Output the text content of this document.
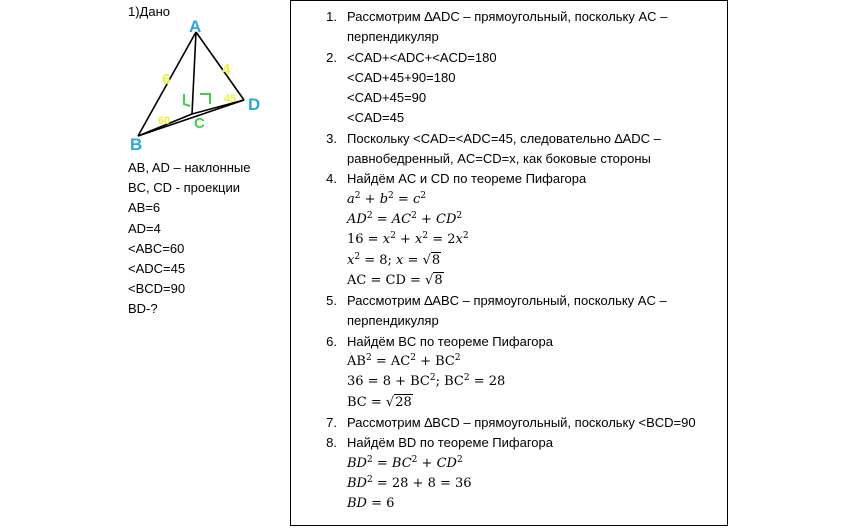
1)Дано
A
B
D
C
6
4
60
45
AB, AD – наклонные
BC, CD - проекции
AB=6
AD=4
<ABC=60
<ADC=45
<BCD=90
BD-?
1. Рассмотрим ∆ADC – прямоугольный, поскольку AC –
перпендикуляр
2. <CAD+<ADC+<ACD=180
<CAD+45+90=180
<CAD+45=90
<CAD=45
3. Поскольку <CAD=<ADC=45, следовательно ∆ADC –
равнобедренный, AC=CD=x, как боковые стороны
4. Найдём AC и CD по теореме Пифагора
$a^2 + b^2 = c^2$
$AD^2 = AC^2 + CD^2$
$16 = x^2 + x^2 = 2x^2$
$x^2 = 8$; x = √8
AC = CD = √8
5. Рассмотрим ∆ABC – прямоугольный, поскольку AC –
перпендикуляр
6. Найдём BC по теореме Пифагора
$AB^2 = AC^2 + BC^2$
$36 = 8 + BC^2$; $BC^2 = 28$
BC = √28
7. Рассмотрим ∆BCD – прямоугольный, поскольку <BCD=90
8. Найдём BD по теореме Пифагора
$BD^2 = BC^2 + CD^2$
$BD^2 = 28 + 8 = 36$
BD = 6
